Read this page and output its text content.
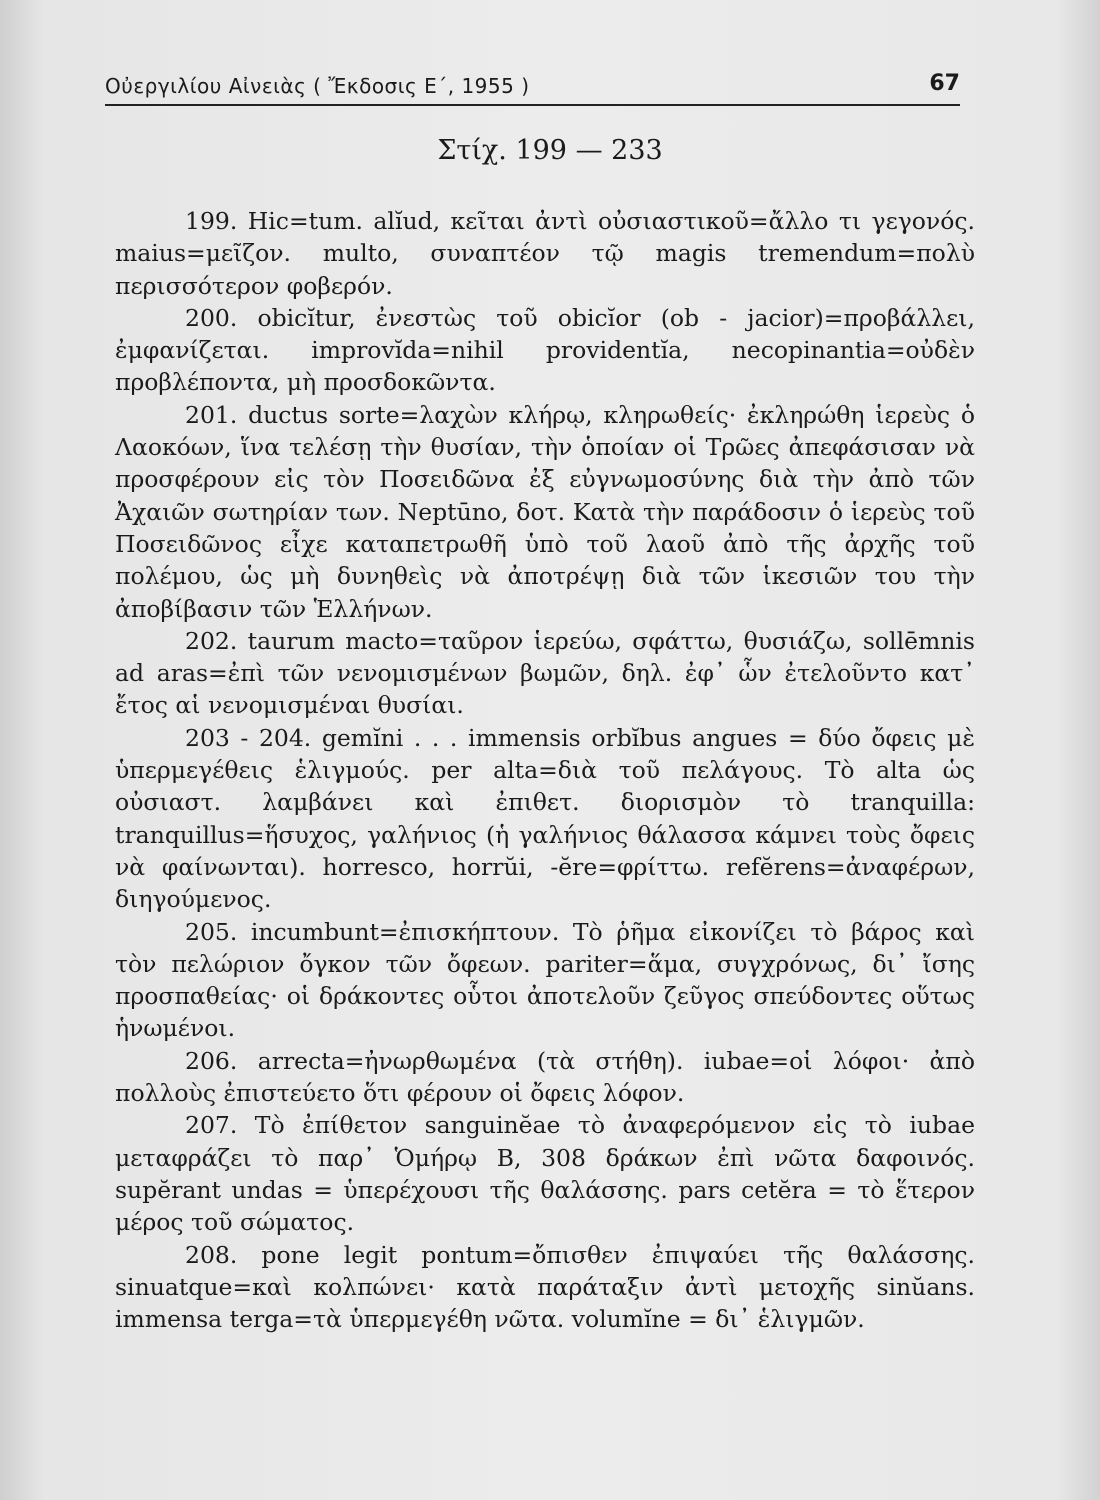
Οὐεργιλίου Αἰνειὰς ( Ἔκδοσις Ε΄, 1955 )	67
Στίχ. 199 — 233

199. Hic=tum. alĭud, κεῖται ἀντὶ οὐσιαστικοῦ=ἄλλο τι γεγονός. maius=μεῖζον. multo, συναπτέον τῷ magis tremendum=πολὺ περισσότερον φοβερόν.

200. obicĭtur, ἐνεστὼς τοῦ obicĭor (ob - jacior)=προβάλλει, ἐμφανίζεται. improvĭda=nihil providentĭa, necopinantia=οὐδὲν προβλέποντα, μὴ προσδοκῶντα.

201. ductus sorte=λαχὼν κλήρῳ, κληρωθείς· ἐκληρώθη ἱερεὺς ὁ Λαοκόων, ἵνα τελέσῃ τὴν θυσίαν, τὴν ὁποίαν οἱ Τρῶες ἀπεφάσισαν νὰ προσφέρουν εἰς τὸν Ποσειδῶνα ἐξ εὐγνωμοσύνης διὰ τὴν ἀπὸ τῶν Ἀχαιῶν σωτηρίαν των. Neptūno, δοτ. Κατὰ τὴν παράδοσιν ὁ ἱερεὺς τοῦ Ποσειδῶνος εἶχε καταπετρωθῆ ὑπὸ τοῦ λαοῦ ἀπὸ τῆς ἀρχῆς τοῦ πολέμου, ὡς μὴ δυνηθεὶς νὰ ἀποτρέψῃ διὰ τῶν ἱκεσιῶν του τὴν ἀποβίβασιν τῶν Ἑλλήνων.

202. taurum macto=ταῦρον ἱερεύω, σφάττω, θυσιάζω, sollēmnis ad aras=ἐπὶ τῶν νενομισμένων βωμῶν, δηλ. ἐφ᾽ ὧν ἐτελοῦντο κατ᾽ ἔτος αἱ νενομισμέναι θυσίαι.

203 - 204. gemĭni . . . immensis orbĭbus angues = δύο ὄφεις μὲ ὑπερμεγέθεις ἑλιγμούς. per alta=διὰ τοῦ πελάγους. Τὸ alta ὡς οὐσιαστ. λαμβάνει καὶ ἐπιθετ. διορισμὸν τὸ tranquilla: tranquillus=ἥσυχος, γαλήνιος (ἡ γαλήνιος θάλασσα κάμνει τοὺς ὄφεις νὰ φαίνωνται). horresco, horrŭi, -ĕre=φρίττω. refĕrens=ἀναφέρων, διηγούμενος.

205. incumbunt=ἐπισκήπτουν. Τὸ ῥῆμα εἰκονίζει τὸ βάρος καὶ τὸν πελώριον ὄγκον τῶν ὄφεων. pariter=ἅμα, συγχρόνως, δι᾽ ἴσης προσπαθείας· οἱ δράκοντες οὗτοι ἀποτελοῦν ζεῦγος σπεύδοντες οὕτως ἡνωμένοι.

206. arrecta=ἠνωρθωμένα (τὰ στήθη). iubae=οἱ λόφοι· ἀπὸ πολλοὺς ἐπιστεύετο ὅτι φέρουν οἱ ὄφεις λόφον.

207. Τὸ ἐπίθετον sanguinĕae τὸ ἀναφερόμενον εἰς τὸ iubae μεταφράζει τὸ παρ᾽ Ὁμήρῳ Β, 308 δράκων ἐπὶ νῶτα δαφοινός. supĕrant undas = ὑπερέχουσι τῆς θαλάσσης. pars cetĕra = τὸ ἕτερον μέρος τοῦ σώματος.

208. pone legit pontum=ὄπισθεν ἐπιψαύει τῆς θαλάσσης. sinuatque=καὶ κολπώνει· κατὰ παράταξιν ἀντὶ μετοχῆς sinŭans. immensa terga=τὰ ὑπερμεγέθη νῶτα. volumĭne = δι᾽ ἑλιγμῶν.
